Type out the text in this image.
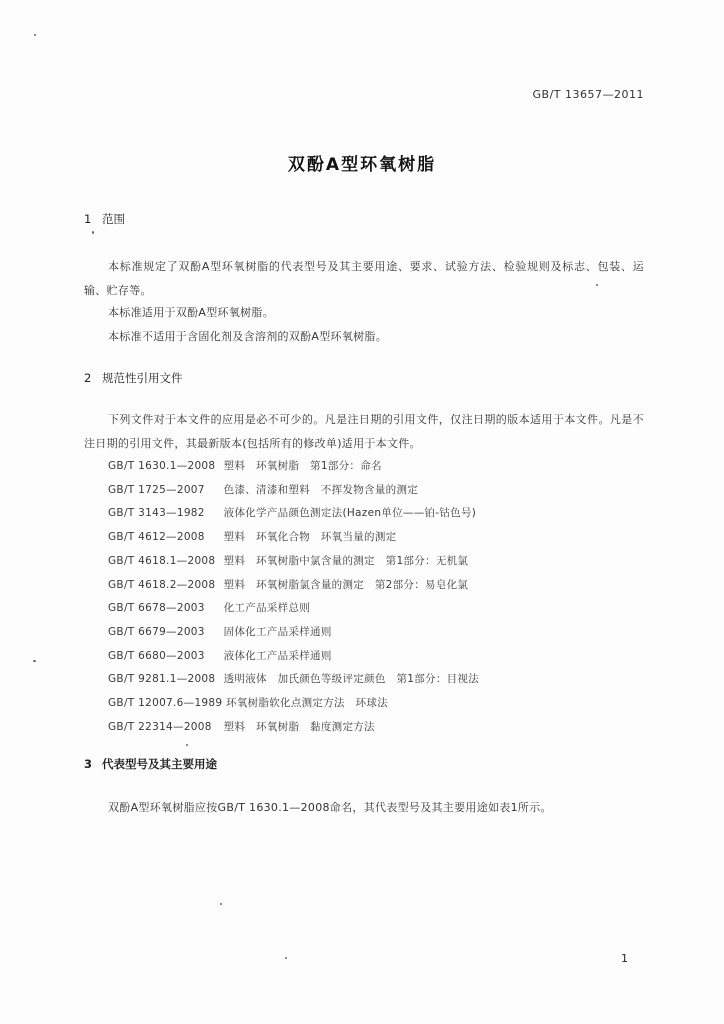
GB/T 13657—2011
双酚A型环氧树脂
1 范围
本标准规定了双酚A型环氧树脂的代表型号及其主要用途、要求、试验方法、检验规则及标志、包装、运输、贮存等。
本标准适用于双酚A型环氧树脂。
本标准不适用于含固化剂及含溶剂的双酚A型环氧树脂。
2 规范性引用文件
下列文件对于本文件的应用是必不可少的。凡是注日期的引用文件，仅注日期的版本适用于本文件。凡是不注日期的引用文件，其最新版本(包括所有的修改单)适用于本文件。
GB/T 1630.1—2008 塑料　环氧树脂　第1部分：命名
GB/T 1725—2007 色漆、清漆和塑料　不挥发物含量的测定
GB/T 3143—1982 液体化学产品颜色测定法(Hazen单位——铂-钴色号)
GB/T 4612—2008 塑料　环氧化合物　环氧当量的测定
GB/T 4618.1—2008 塑料　环氧树脂中氯含量的测定　第1部分：无机氯
GB/T 4618.2—2008 塑料　环氧树脂氯含量的测定　第2部分：易皂化氯
GB/T 6678—2003 化工产品采样总则
GB/T 6679—2003 固体化工产品采样通则
GB/T 6680—2003 液体化工产品采样通则
GB/T 9281.1—2008 透明液体　加氏颜色等级评定颜色　第1部分：目视法
GB/T 12007.6—1989 环氧树脂软化点测定方法　环球法
GB/T 22314—2008 塑料　环氧树脂　黏度测定方法
3 代表型号及其主要用途
双酚A型环氧树脂应按GB/T 1630.1—2008命名，其代表型号及其主要用途如表1所示。
1
